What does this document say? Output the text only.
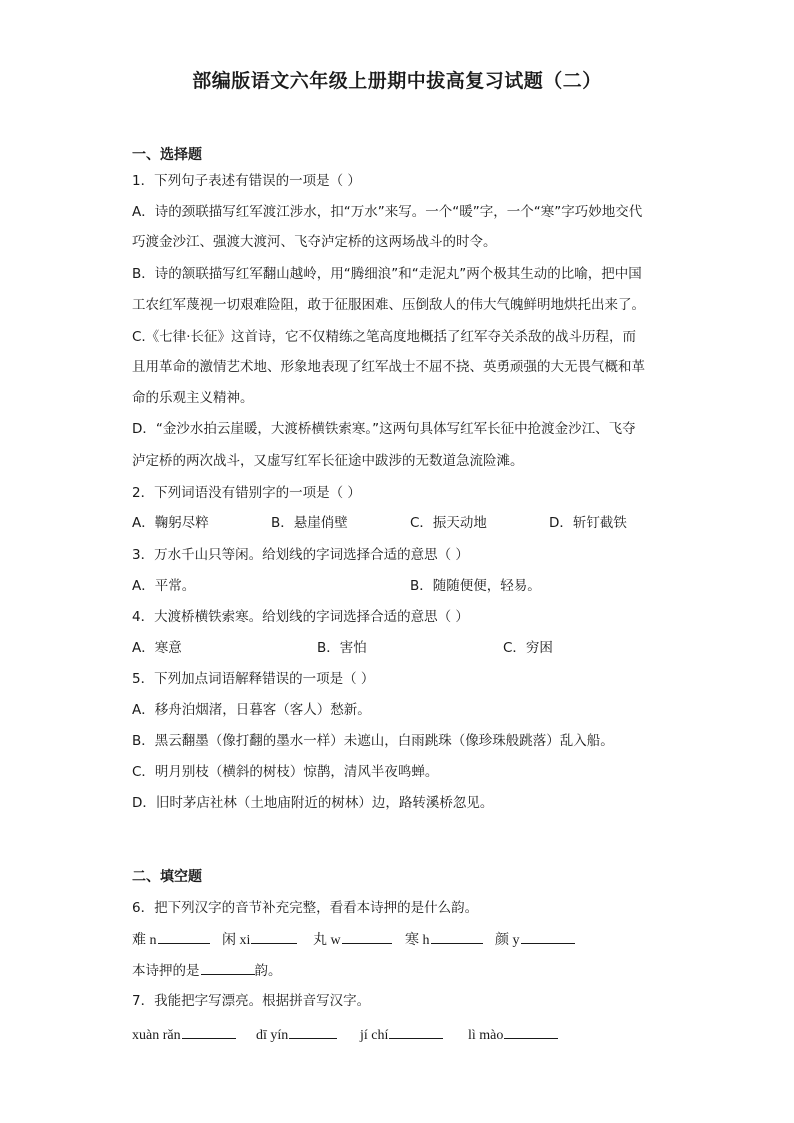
部编版语文六年级上册期中拔高复习试题（二）
一、选择题
1．下列句子表述有错误的一项是（ ）
A．诗的颈联描写红军渡江涉水，扣“万水”来写。一个“暖”字，一个“寒”字巧妙地交代
巧渡金沙江、强渡大渡河、飞夺泸定桥的这两场战斗的时令。
B．诗的颔联描写红军翻山越岭，用“腾细浪”和“走泥丸”两个极其生动的比喻，把中国
工农红军蔑视一切艰难险阻，敢于征服困难、压倒敌人的伟大气魄鲜明地烘托出来了。
C.《七律·长征》这首诗，它不仅精练之笔高度地概括了红军夺关杀敌的战斗历程，而
且用革命的激情艺术地、形象地表现了红军战士不屈不挠、英勇顽强的大无畏气概和革
命的乐观主义精神。
D．“金沙水拍云崖暖，大渡桥横铁索寒。”这两句具体写红军长征中抢渡金沙江、飞夺
泸定桥的两次战斗，又虚写红军长征途中跋涉的无数道急流险滩。
2．下列词语没有错别字的一项是（ ）
A．鞠躬尽粹	B．悬崖俏壁	C．振天动地	D．斩钉截铁
3．万水千山只等闲。给划线的字词选择合适的意思（ ）
A．平常。	B．随随便便，轻易。
4．大渡桥横铁索寒。给划线的字词选择合适的意思（ ）
A．寒意	B．害怕	C．穷困
5．下列加点词语解释错误的一项是（ ）
A．移舟泊烟渚，日暮客（客人）愁新。
B．黑云翻墨（像打翻的墨水一样）未遮山，白雨跳珠（像珍珠般跳落）乱入船。
C．明月别枝（横斜的树枝）惊鹊，清风半夜鸣蝉。
D．旧时茅店社林（土地庙附近的树林）边，路转溪桥忽见。
二、填空题
6．把下列汉字的音节补充完整，看看本诗押的是什么韵。
难 n	闲 xi	丸 w	寒 h	颜 y
本诗押的是	韵。
7．我能把字写漂亮。根据拼音写汉字。
xuàn rǎn	dī yín	jí chí	lì mào
